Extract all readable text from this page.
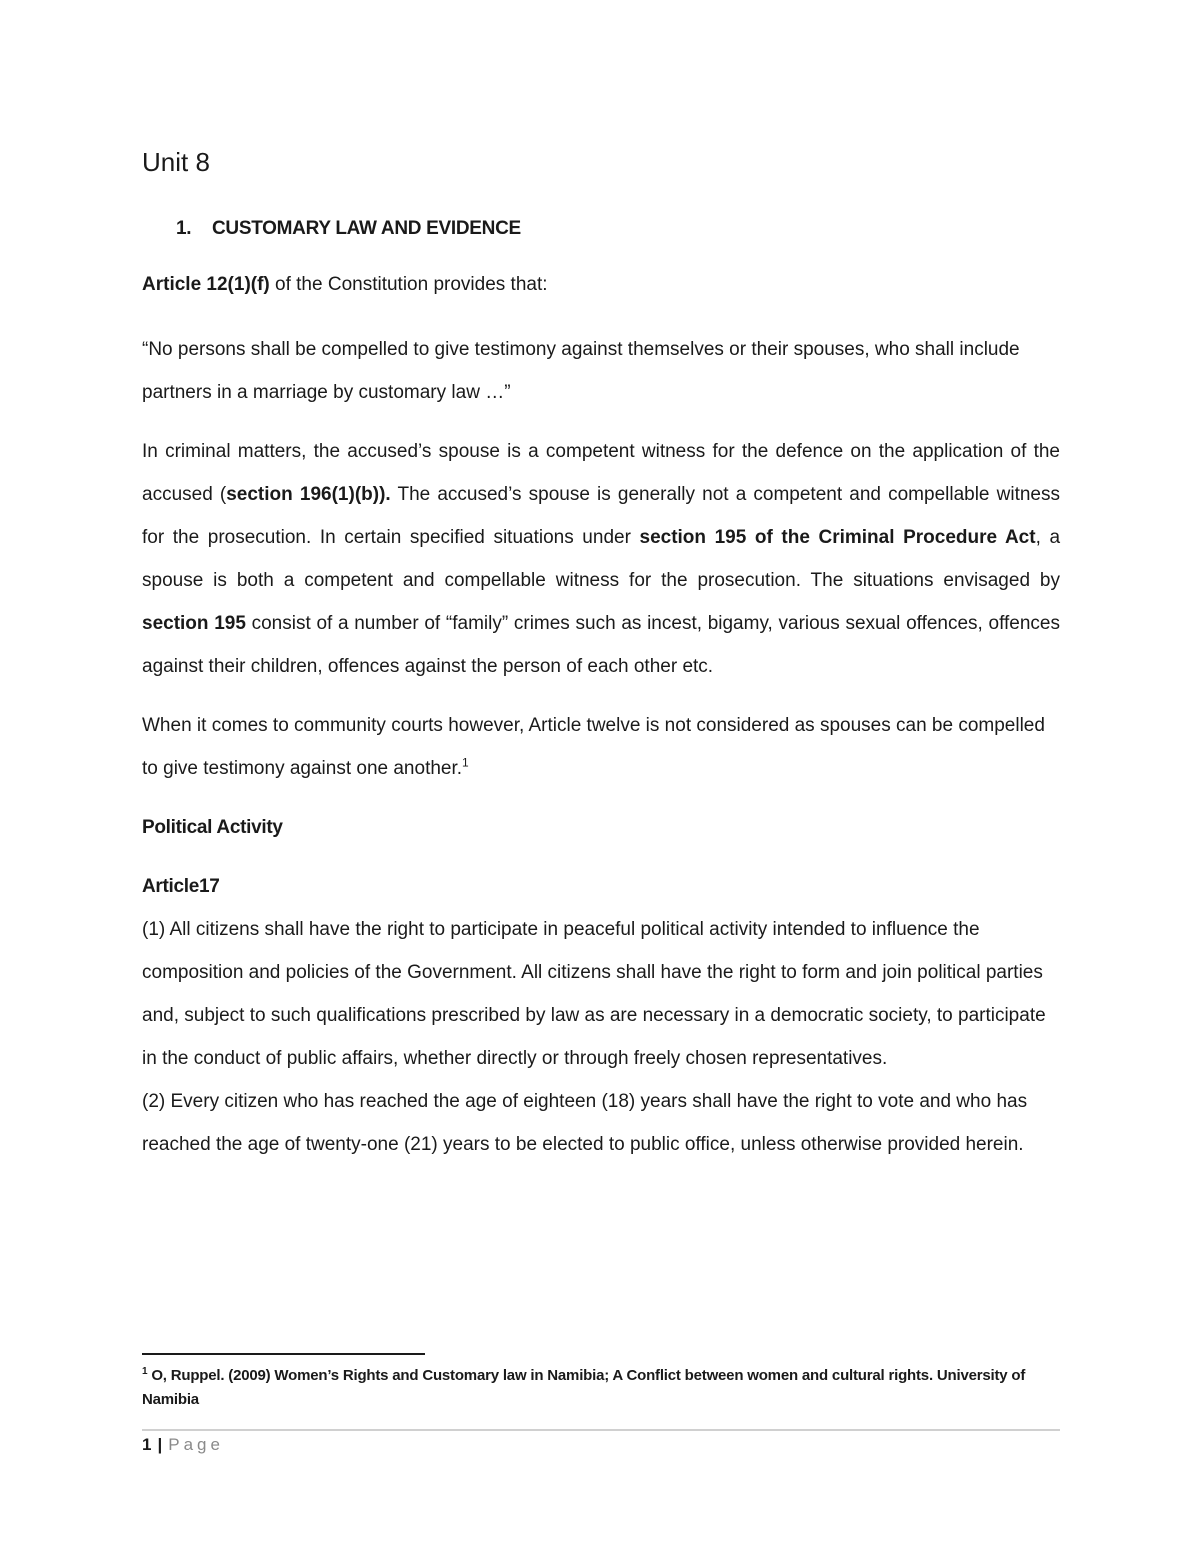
Unit 8
1. CUSTOMARY LAW AND EVIDENCE

Article 12(1)(f) of the Constitution provides that:

“No persons shall be compelled to give testimony against themselves or their spouses, who shall include partners in a marriage by customary law …”

In criminal matters, the accused’s spouse is a competent witness for the defence on the application of the accused (section 196(1)(b)). The accused’s spouse is generally not a competent and compellable witness for the prosecution. In certain specified situations under section 195 of the Criminal Procedure Act, a spouse is both a competent and compellable witness for the prosecution. The situations envisaged by section 195 consist of a number of “family” crimes such as incest, bigamy, various sexual offences, offences against their children, offences against the person of each other etc.

When it comes to community courts however, Article twelve is not considered as spouses can be compelled to give testimony against one another.$^1$

Political Activity
Article17

(1) All citizens shall have the right to participate in peaceful political activity intended to influence the composition and policies of the Government. All citizens shall have the right to form and join political parties and, subject to such qualifications prescribed by law as are necessary in a democratic society, to participate in the conduct of public affairs, whether directly or through freely chosen representatives.

(2) Every citizen who has reached the age of eighteen (18) years shall have the right to vote and who has reached the age of twenty-one (21) years to be elected to public office, unless otherwise provided herein.

$^1$ O, Ruppel. (2009) Women’s Rights and Customary law in Namibia; A Conflict between women and cultural rights. University of Namibia
1 | Page
